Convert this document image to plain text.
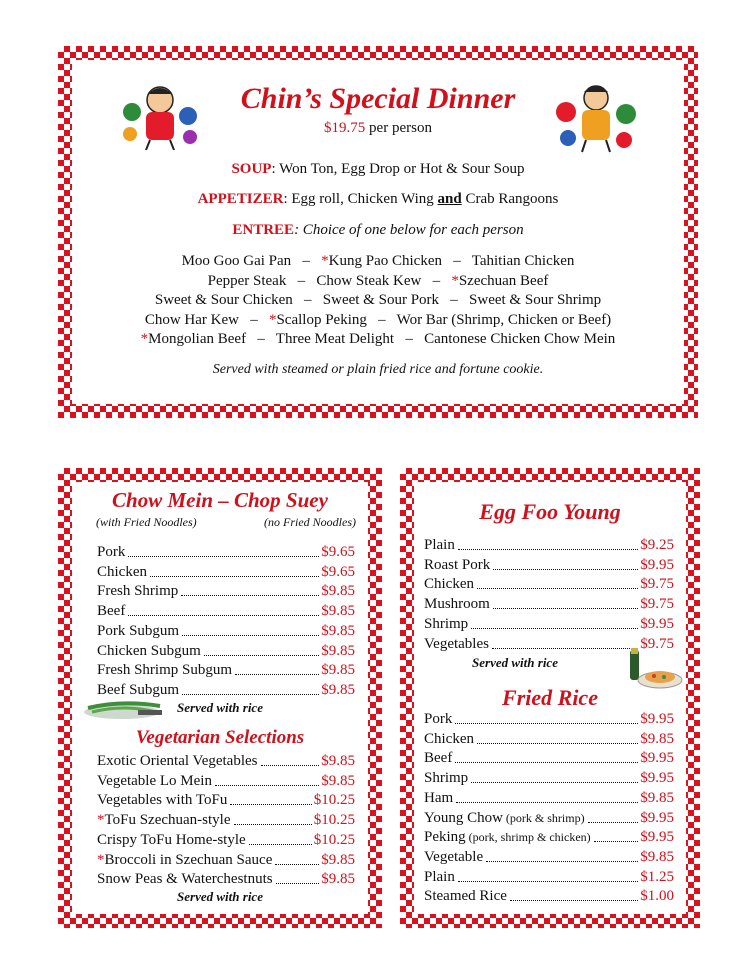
Chin’s Special Dinner
$19.75 per person
SOUP: Won Ton, Egg Drop or Hot & Sour Soup
APPETIZER: Egg roll, Chicken Wing and Crab Rangoons
ENTREE: Choice of one below for each person
Moo Goo Gai Pan   –   *Kung Pao Chicken   –   Tahitian Chicken
Pepper Steak   –   Chow Steak Kew   –   *Szechuan Beef
Sweet & Sour Chicken   –   Sweet & Sour Pork   –   Sweet & Sour Shrimp
Chow Har Kew   –   *Scallop Peking   –   Wor Bar (Shrimp, Chicken or Beef)
*Mongolian Beef   –   Three Meat Delight   –   Cantonese Chicken Chow Mein
Served with steamed or plain fried rice and fortune cookie.
Chow Mein – Chop Suey
(with Fried Noodles)	(no Fried Noodles)
Pork	$9.65
Chicken	$9.65
Fresh Shrimp	$9.85
Beef	$9.85
Pork Subgum	$9.85
Chicken Subgum	$9.85
Fresh Shrimp Subgum	$9.85
Beef Subgum	$9.85
Served with rice
Vegetarian Selections
Exotic Oriental Vegetables	$9.85
Vegetable Lo Mein	$9.85
Vegetables with ToFu	$10.25
*ToFu Szechuan-style	$10.25
Crispy ToFu Home-style	$10.25
*Broccoli in Szechuan Sauce	$9.85
Snow Peas & Waterchestnuts	$9.85
Served with rice
Egg Foo Young
Plain	$9.25
Roast Pork	$9.95
Chicken	$9.75
Mushroom	$9.75
Shrimp	$9.95
Vegetables	$9.75
Served with rice
Fried Rice
Pork	$9.95
Chicken	$9.85
Beef	$9.95
Shrimp	$9.95
Ham	$9.85
Young Chow (pork & shrimp)	$9.95
Peking (pork, shrimp & chicken)	$9.95
Vegetable	$9.85
Plain	$1.25
Steamed Rice	$1.00
